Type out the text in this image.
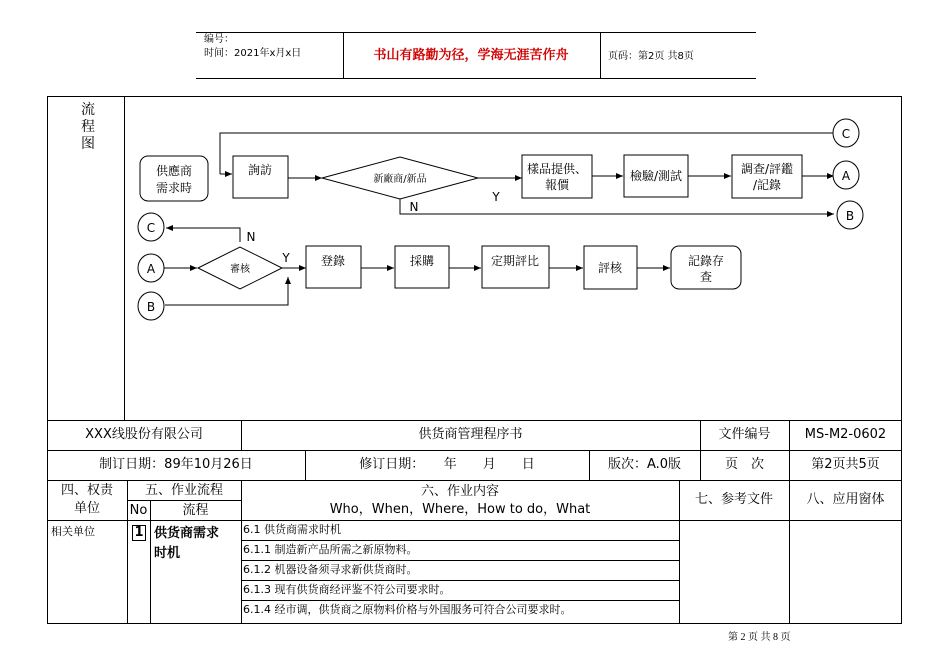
编号：
时间：2021年x月x日	书山有路勤为径，学海无涯苦作舟	页码：第2页 共8页
流
程
图
供應商
需求時
詢訪
新廠商/新品
樣品提供、
報價
檢驗/測試	調查/評鑑
/記錄
C
A
B
C
A
B
審核
登錄	採購	定期評比	評核	記錄存
查
Y
N
N
Y
XXX线股份有限公司	供货商管理程序书	文件编号	MS-M2-0602
制订日期：89年10月26日	修订日期：　　年　　月　　日	版次：A.0版	页　次	第2页共5页
四、权责
单位
五、作业流程
No	流程
六、作业内容
Who，When，Where，How to do，What
七、参考文件	八、应用窗体
相关单位	1 供货商需求
时机
6.1 供货商需求时机
6.1.1 制造新产品所需之新原物料。
6.1.2 机器设备须寻求新供货商时。
6.1.3 现有供货商经评鉴不符公司要求时。
6.1.4 经市调，供货商之原物料价格与外国服务可符合公司要求时。
第 2 页 共 8 页
